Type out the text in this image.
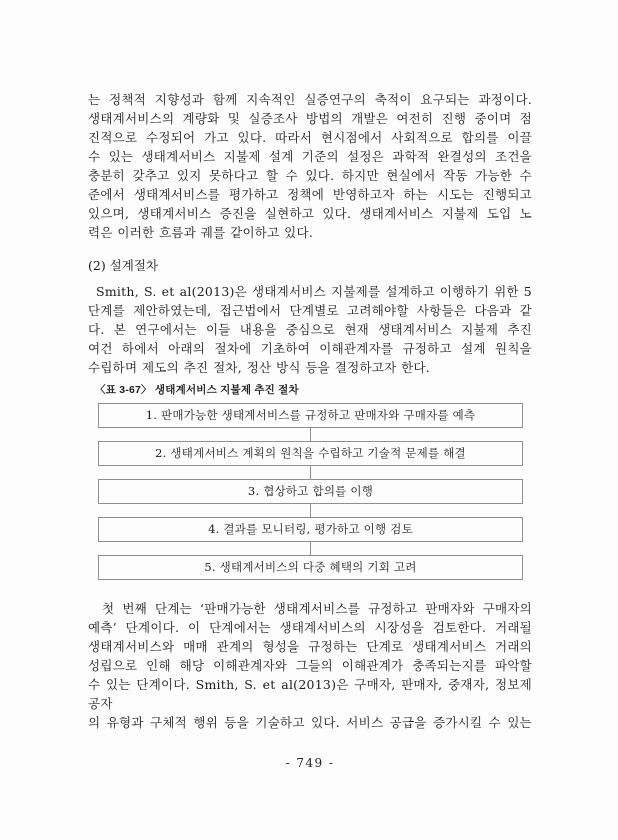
는 정책적 지향성과 함께 지속적인 실증연구의 축적이 요구되는 과정이다.
생태계서비스의 계량화 및 실증조사 방법의 개발은 여전히 진행 중이며 점
진적으로 수정되어 가고 있다. 따라서 현시점에서 사회적으로 합의를 이끌
수 있는 생태계서비스 지불제 설계 기준의 설정은 과학적 완결성의 조건을
충분히 갖추고 있지 못하다고 할 수 있다. 하지만 현실에서 작동 가능한 수
준에서 생태계서비스를 평가하고 정책에 반영하고자 하는 시도는 진행되고
있으며, 생태계서비스 증진을 실현하고 있다. 생태계서비스 지불제 도입 노
력은 이러한 흐름과 궤를 같이하고 있다.
(2) 설계절차
Smith, S. et al(2013)은 생태계서비스 지불제를 설계하고 이행하기 위한 5
단계를 제안하였는데, 접근법에서 단계별로 고려해야할 사항들은 다음과 같
다. 본 연구에서는 이들 내용을 중심으로 현재 생태계서비스 지불제 추진
여건 하에서 아래의 절차에 기초하여 이해관계자를 규정하고 설계 원칙을
수립하며 제도의 추진 절차, 정산 방식 등을 결정하고자 한다.
〈표 3-67〉 생태계서비스 지불제 추진 절차
1. 판매가능한 생태계서비스를 규정하고 판매자와 구매자를 예측
2. 생태계서비스 계획의 원칙을 수립하고 기술적 문제를 해결
3. 협상하고 합의를 이행
4. 결과를 모니터링, 평가하고 이행 검토
5. 생태계서비스의 다중 혜택의 기회 고려
첫 번째 단계는 ‘판매가능한 생태계서비스를 규정하고 판매자와 구매자의
예측’ 단계이다. 이 단계에서는 생태계서비스의 시장성을 검토한다. 거래될
생태계서비스와 매매 관계의 형성을 규정하는 단계로 생태계서비스 거래의
성립으로 인해 해당 이해관계자와 그들의 이해관계가 충족되는지를 파악할
수 있는 단계이다. Smith, S. et al(2013)은 구매자, 판매자, 중재자, 정보제공자
의 유형과 구체적 행위 등을 기술하고 있다. 서비스 공급을 증가시킬 수 있는
- 749 -
